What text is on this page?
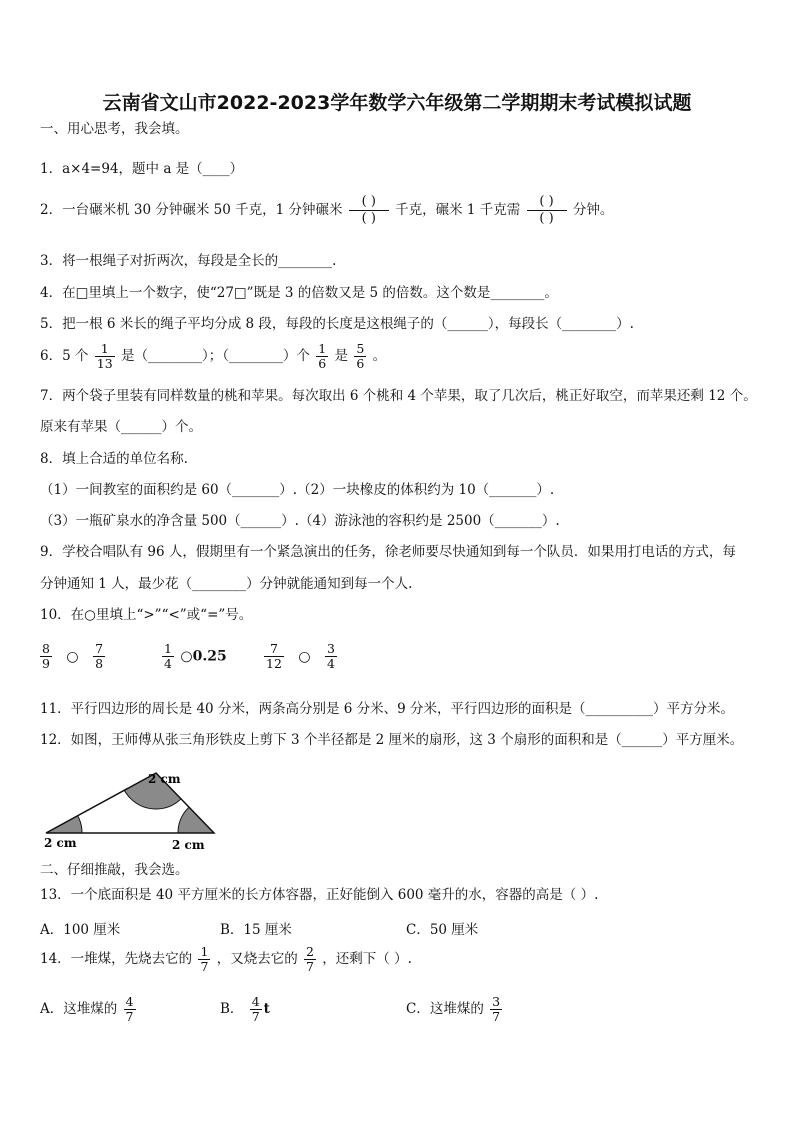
云南省文山市2022-2023学年数学六年级第二学期期末考试模拟试题
一、用心思考，我会填。
1．a×4=94，题中 a 是（____）
2．一台碾米机 30 分钟碾米 50 千克，1 分钟碾米
( )
( )
千克，碾米 1 千克需
( )
( )
分钟。
3．将一根绳子对折两次，每段是全长的________.
4．在□里填上一个数字，使“27□”既是 3 的倍数又是 5 的倍数。这个数是________。
5．把一根 6 米长的绳子平均分成 8 段，每段的长度是这根绳子的（______），每段长（________）.
6．5 个 $\frac{1}{13}$ 是（________）；（________）个 $\frac{1}{6}$ 是 $\frac{5}{6}$ 。
7．两个袋子里装有同样数量的桃和苹果。每次取出 6 个桃和 4 个苹果，取了几次后，桃正好取空，而苹果还剩 12 个。
原来有苹果（______）个。
8．填上合适的单位名称.
（1）一间教室的面积约是 60（_______）.（2）一块橡皮的体积约为 10（_______）.
（3）一瓶矿泉水的净含量 500（______）.（4）游泳池的容积约是 2500（_______）.
9．学校合唱队有 96 人，假期里有一个紧急演出的任务，徐老师要尽快通知到每一个队员．如果用打电话的方式，每
分钟通知 1 人，最少花（________）分钟就能通知到每一个人.
10．在○里填上“>”“<”或“=”号。
$\frac{8}{9}$ ○ $\frac{7}{8}$	$\frac{1}{4}$ ○0.25	$\frac{7}{12}$ ○ $\frac{3}{4}$
11．平行四边形的周长是 40 分米，两条高分别是 6 分米、9 分米，平行四边形的面积是（__________）平方分米。
12．如图，王师傅从张三角形铁皮上剪下 3 个半径都是 2 厘米的扇形，这 3 个扇形的面积和是（______）平方厘米。
2 cm
2 cm	2 cm
二、仔细推敲，我会选。
13．一个底面积是 40 平方厘米的长方体容器，正好能倒入 600 毫升的水，容器的高是（ ）.
A．100 厘米	B．15 厘米	C．50 厘米
14．一堆煤，先烧去它的 $\frac{1}{7}$ ，又烧去它的 $\frac{2}{7}$ ，还剩下（ ）.
A．这堆煤的 $\frac{4}{7}$	B． $\frac{4}{7}$ t	C．这堆煤的 $\frac{3}{7}$
